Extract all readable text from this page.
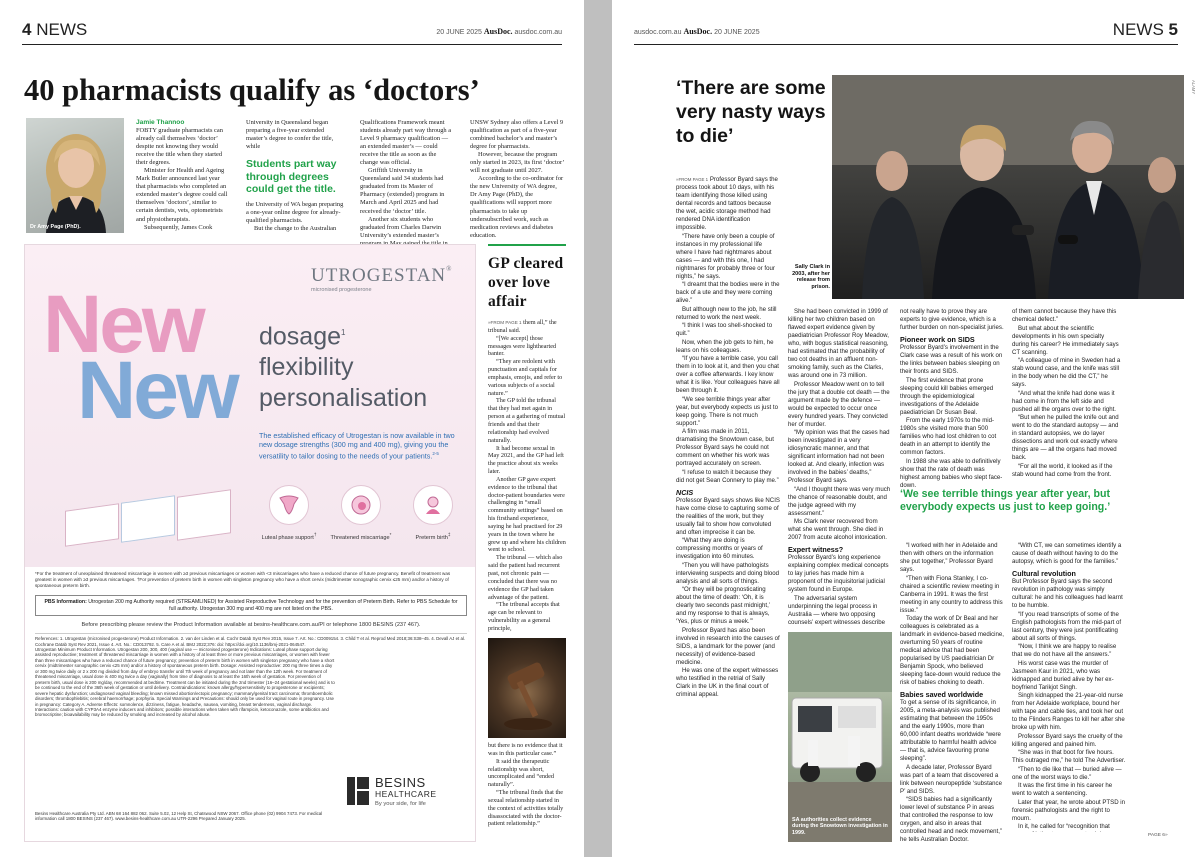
4 NEWS	20 JUNE 2025 AusDoc. ausdoc.com.au
40 pharmacists qualify as ‘doctors’
Dr Amy Page (PhD).
Jamie Thannoo

FOBTY graduate pharmacists can already call themselves ‘doctor’ despite not knowing they would receive the title when they started their degrees.

Minister for Health and Ageing Mark Butler announced last year that pharmacists who completed an extended master’s degree could call themselves ‘doctors’, similar to certain dentists, vets, optometrists and physiotherapists.

Subsequently, James Cook

University in Queensland began preparing a five-year extended master’s degree to confer the title, while

Students part way through degrees could get the title.

the University of WA began preparing a one-year online degree for already-qualified pharmacists.

But the change to the Australian

Qualifications Framework meant students already part way through a Level 9 pharmacy qualification — an extended master’s — could receive the title as soon as the change was official.

Griffith University in Queensland said 34 students had graduated from its Master of Pharmacy (extended) program in March and April 2025 and had received the ‘doctor’ title.

Another six students who graduated from Charles Darwin University’s extended master’s

UNSW Sydney also offers a Level 9 qualification as part of a five-year combined bachelor’s and master’s degree for pharmacists.

However, because the program only started in 2023, its first ‘doctor’ will not graduate until 2027.

According to the co-ordinator for the new University of WA degree, Dr Amy Page (PhD), the qualifications will support more pharmacists to take up undersubscribed work, such as medication reviews and diabetes education.

UTROGESTAN®
micronised progesterone
New
New
dosage$^1$
flexibility
personalisation
The established efficacy of Utrogestan is now available in two new dosage strengths (300 mg and 400 mg), giving you the versatility to tailor dosing to the needs of your patients.$^{2-5}$
Luteal phase support†
Threatened miscarriage*
Preterm birth‡
*For the treatment of unexplained threatened miscarriage in women with ≥3 previous miscarriages or women with <3 miscarriages who have a reduced chance of future pregnancy. Benefit of treatment was greatest in women with ≥3 previous miscarriages. †For prevention of preterm birth in women with singleton pregnancy who have a short cervix (midtrimester sonographic cervix ≤25 mm) and/or a history of spontaneous preterm birth.
PBS Information: Utrogestan 200 mg Authority required (STREAMLINED) for Assisted Reproductive Technology and for the prevention of Preterm Birth. Refer to PBS Schedule for full authority. Utrogestan 300 mg and 400 mg are not listed on the PBS.
Before prescribing please review the Product Information available at besins-healthcare.com.au/PI or telephone 1800 BESINS (237 467).
References: 1. Utrogestan (micronised progesterone) Product Information. 2. van der Linden et al. Cochr Datab Syst Rev 2015, Issue 7. Art. No.: CD009154. 3. Child T et al. Reprod Med 2018;36:S38–45. 4. Devall AJ et al. Cochrane Datab Syst Rev 2021, Issue 4. Art. No.: CD013792. 5. Care A et al. BMJ 2022;376: doi: https://doi.org/10.1136/bmj-2021-064547.
Utrogestan Minimum Product Information. Utrogestan 200, 300, 400 (vaginal use — micronised progesterone) Indications: Luteal phase support during assisted reproductive; treatment of threatened miscarriage in women with a history of at least three or more previous miscarriages, or women with fewer than three miscarriages who have a reduced chance of future pregnancy; prevention of preterm birth in women with singleton pregnancy who have a short cervix (midtrimester sonographic cervix ≤25 mm) and/or a history of spontaneous preterm birth. Dosage: Assisted reproductive: 200 mg three times a day or 300 mg twice daily or 2 x 200 mg divided from day of embryo transfer until 7th week of pregnancy and not later than the 12th week. For treatment of threatened miscarriage, usual dose is 400 mg twice a day (vaginally) from time of diagnosis to at least the 16th week of gestation. For prevention of preterm birth, usual dose is 200 mg/day, recommended at bedtime. Treatment can be initiated during the 2nd trimester (16–24 gestational weeks) and is to be continued to the end of the 36th week of gestation or until delivery. Contraindications: known allergy/hypersensitivity to progesterone or excipients; severe hepatic dysfunction; undiagnosed vaginal bleeding; known missed abortion/ectopic pregnancy; mammary/genital tract carcinoma; thromboembolic disorders; thrombophlebitis; cerebral haemorrhage; porphyria. Special Warnings and Precautions: should only be used for vaginal route in pregnancy. Use in pregnancy: Category A. Adverse Effects: somnolence, dizziness, fatigue, headache, nausea, vomiting, breast tenderness, vaginal discharge. Interactions: caution with CYP3A4 enzyme inducers and inhibitors; possible interactions when taken with rifampicin, ketoconazole, some antibiotics and bromocriptine; bioavailability may be reduced by smoking and increased by alcohol abuse.
Besins Healthcare Australia Pty Ltd. ABN 68 164 882 062. Suite 5.02, 12 Help St, Chatswood NSW 2067. Office phone (02) 9904 7473. For medical information call 1800 BESINS (237 467). www.besins-healthcare.com.au UTR-2296 Prepared January 2025.
BESINS
HEALTHCARE
By your side, for life
GP cleared over love affair

»FROM PAGE 1 them all,” the tribunal said.

“[We accept] those messages were lighthearted banter.

“They are redolent with punctuation and capitals for emphasis, emojis, and refer to various subjects of a social nature.”

The GP told the tribunal that they had met again in person at a gathering of mutual friends and that their relationship had evolved naturally.

It had become sexual in May 2021, and the GP had left the practice about six weeks later.

Another GP gave expert evidence to the tribunal that doctor-patient boundaries were challenging in “small community settings” based on his firsthand experience, saying he had practised for 29 years in the town where he grew up and where his children went to school.

The tribunal — which also said the patient had recurrent past, not chronic pain — concluded that there was no evidence the GP had taken advantage of the patient.

“The tribunal accepts that age can be relevant to vulnerability as a general principle,

but there is no evidence that it was in this particular case.”

It said the therapeutic relationship was short, uncomplicated and “ended naturally”.

“The tribunal finds that the sexual relationship started in the context of activities totally disassociated with the doctor-patient relationship.”

ausdoc.com.au AusDoc. 20 JUNE 2025	NEWS 5
‘There are some very nasty ways to die’
ALAMY
Sally Clark in 2003, after her release from prison.

»FROM PAGE 1 Professor Byard says the process took about 10 days, with his team identifying those killed using dental records and tattoos because the wet, acidic storage method had rendered DNA identification impossible.

“There have only been a couple of instances in my professional life where I have had nightmares about cases — and with this one, I had nightmares for probably three or four nights,” he says.

“I dreamt that the bodies were in the back of a ute and they were coming alive.”

But although new to the job, he still returned to work the next week.

“I think I was too shell-shocked to quit.”

Now, when the job gets to him, he leans on his colleagues.

“If you have a terrible case, you call them in to look at it, and then you chat over a coffee afterwards. I key know what it is like. Your colleagues have all been through it.

“We see terrible things year after year, but everybody expects us just to keep going. There is not much support.”

A film was made in 2011, dramatising the Snowtown case, but Professor Byard says he could not comment on whether his work was portrayed accurately on screen.

“I refuse to watch it because they did not get Sean Connery to play me.”

NCIS

Professor Byard says shows like NCIS have come close to capturing some of the realities of the work, but they usually fail to show how convoluted and often imprecise it can be.

“What they are doing is compressing months or years of investigation into 60 minutes.

“Then you will have pathologists interviewing suspects and doing blood analysis and all sorts of things.

“Or they will be prognosticating about the time of death: ‘Oh, it is clearly two seconds past midnight,’ and my response to that is always, ‘Yes, plus or minus a week.’”

Professor Byard has also been involved in research into the causes of SIDS, a landmark for the power (and necessity) of evidence-based medicine.

He was one of the expert witnesses who testified in the retrial of Sally Clark in the UK in the final court of criminal appeal.

She had been convicted in 1999 of killing her two children based on flawed expert evidence given by paediatrician Professor Roy Meadow, who, with bogus statistical reasoning, had estimated that the probability of two cot deaths in an affluent non-smoking family, such as the Clarks, was around one in 73 million.

Professor Meadow went on to tell the jury that a double cot death — the argument made by the defence — would be expected to occur once every hundred years. They convicted her of murder.

“My opinion was that the cases had been investigated in a very idiosyncratic manner, and that significant information had not been looked at. And clearly, infection was involved in the babies’ deaths,” Professor Byard says.

“And I thought there was very much the chance of reasonable doubt, and the judge agreed with my assessment.”

Ms Clark never recovered from what she went through. She died in 2007 from acute alcohol intoxication.

Expert witness?

Professor Byard’s long experience explaining complex medical concepts to lay juries has made him a proponent of the inquisitorial judicial system found in Europe.

The adversarial system underpinning the legal process in Australia — where two opposing counsels’ expert witnesses describe

not really have to prove they are experts to give evidence, which is a further burden on non-specialist juries.

Pioneer work on SIDS

Professor Byard’s involvement in the Clark case was a result of his work on the links between babies sleeping on their fronts and SIDS.

The first evidence that prone sleeping could kill babies emerged through the epidemiological investigations of the Adelaide paediatrician Dr Susan Beal.

From the early 1970s to the mid-1980s she visited more than 500 families who had lost children to cot death in an attempt to identify the common factors.

In 1988 she was able to definitively show that the rate of death was highest among babies who slept face-down.

of them cannot because they have this chemical defect.”

But what about the scientific developments in his own specialty during his career? He immediately says CT scanning.

“A colleague of mine in Sweden had a stab wound case, and the knife was still in the body when he did the CT,” he says.

“And what the knife had done was it had come in from the left side and pushed all the organs over to the right.

“But when he pulled the knife out and went to do the standard autopsy — and in standard autopsies, we do layer dissections and work out exactly where things are — all the organs had moved back.

“For all the world, it looked as if the stab wound had come from the front.

‘We see terrible things year after year, but everybody expects us just to keep going.’

“I worked with her in Adelaide and then with others on the information she put together,” Professor Byard says.

“Then with Fiona Stanley, I co-chaired a scientific review meeting in Canberra in 1991. It was the first meeting in any country to address this issue.”

Today the work of Dr Beal and her colleagues is celebrated as a landmark in evidence-based medicine, overturning 50 years of routine medical advice that had been popularised by US paediatrician Dr Benjamin Spock, who believed sleeping face-down would reduce the risk of babies choking to death.

Babies saved worldwide

To get a sense of its significance, in 2005, a meta-analysis was published estimating that between the 1950s and the early 1990s, more than 60,000 infant deaths worldwide “were attributable to harmful health advice — that is, advice favouring prone sleeping”.

A decade later, Professor Byard was part of a team that discovered a link between neuropeptide ‘substance P’ and SIDS.

“SIDS babies had a significantly lower level of substance P in areas that controlled the response to low oxygen, and also in areas that controlled head and neck movement,” he tells Australian Doctor.

“With CT, we can sometimes identify a cause of death without having to do the autopsy, which is good for the families.”

Cultural revolution

But Professor Byard says the second revolution in pathology was simply cultural: he and his colleagues had learnt to be humble.

“If you read transcripts of some of the English pathologists from the mid-part of last century, they were just pontificating about all sorts of things.

“Now, I think we are happy to realise that we do not have all the answers.”

His worst case was the murder of Jasmeen Kaur in 2021, who was kidnapped and buried alive by her ex-boyfriend Tarikjot Singh.

Singh kidnapped the 21-year-old nurse from her Adelaide workplace, bound her with tape and cable ties, and took her out to the Flinders Ranges to kill her after she broke up with him.

Professor Byard says the cruelty of the killing angered and pained him.

“She was in that boot for five hours. This outraged me,” he told The Advertiser.

“Then to die like that — buried alive — one of the worst ways to die.”

It was the first time in his career he went to watch a sentencing.

Later that year, he wrote about PTSD in forensic pathologists and the right to mourn.

In it, he called for “recognition that

PAGE 6»
SA authorities collect evidence during the Snowtown investigation in 1999.
